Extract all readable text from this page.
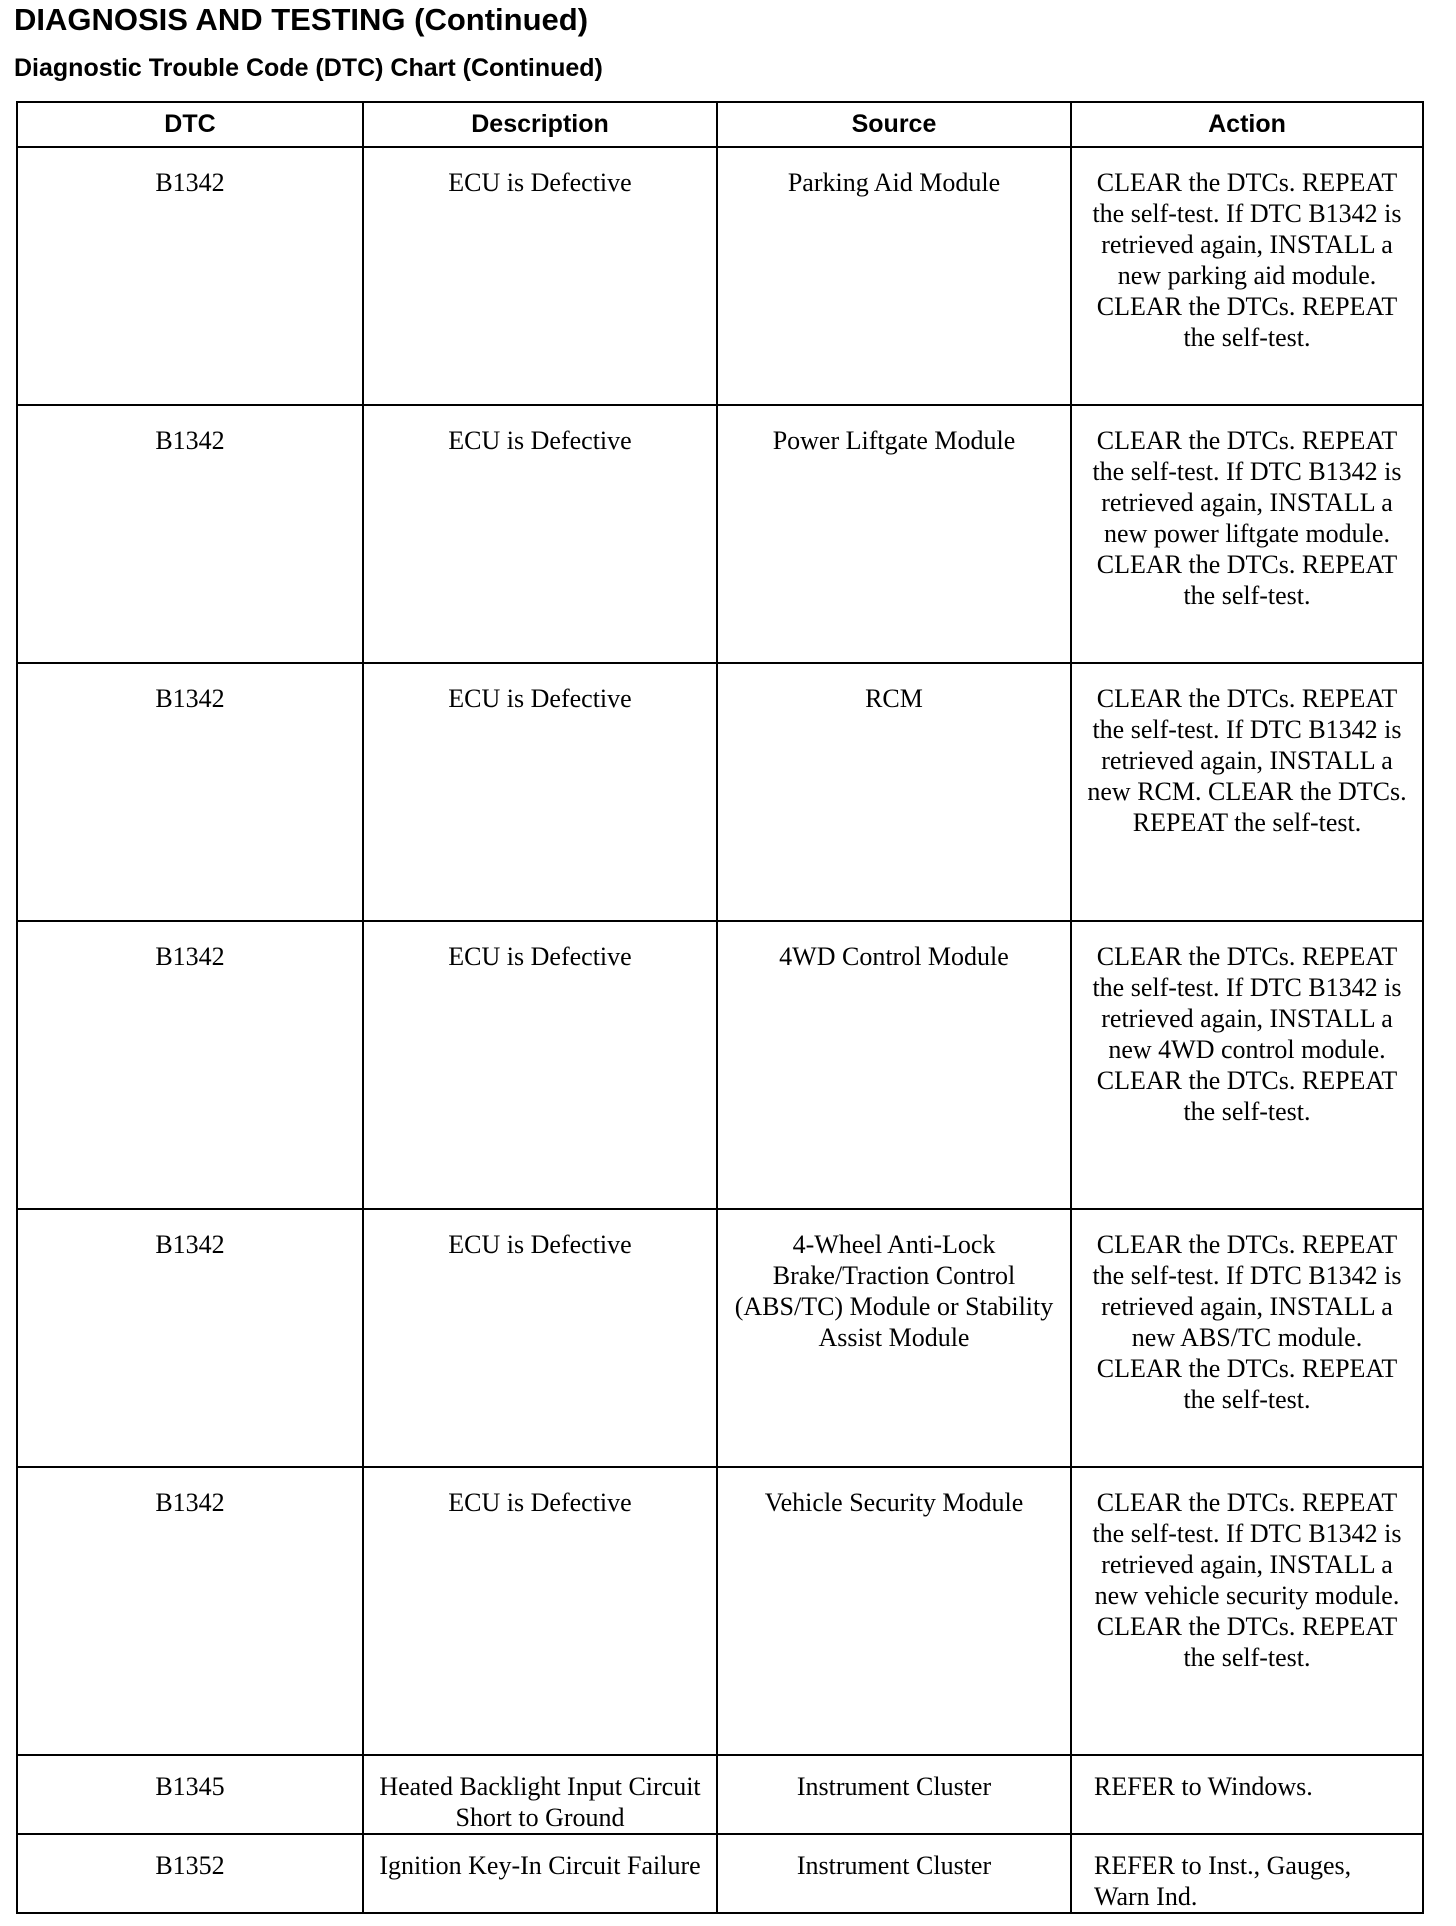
DIAGNOSIS AND TESTING (Continued)
Diagnostic Trouble Code (DTC) Chart (Continued)
DTC	Description	Source	Action
B1342	ECU is Defective	Parking Aid Module	CLEAR the DTCs. REPEAT the self-test. If DTC B1342 is retrieved again, INSTALL a new parking aid module. CLEAR the DTCs. REPEAT the self-test.
B1342	ECU is Defective	Power Liftgate Module	CLEAR the DTCs. REPEAT the self-test. If DTC B1342 is retrieved again, INSTALL a new power liftgate module. CLEAR the DTCs. REPEAT the self-test.
B1342	ECU is Defective	RCM	CLEAR the DTCs. REPEAT the self-test. If DTC B1342 is retrieved again, INSTALL a new RCM. CLEAR the DTCs. REPEAT the self-test.
B1342	ECU is Defective	4WD Control Module	CLEAR the DTCs. REPEAT the self-test. If DTC B1342 is retrieved again, INSTALL a new 4WD control module. CLEAR the DTCs. REPEAT the self-test.
B1342	ECU is Defective	4-Wheel Anti-Lock Brake/Traction Control (ABS/TC) Module or Stability Assist Module	CLEAR the DTCs. REPEAT the self-test. If DTC B1342 is retrieved again, INSTALL a new ABS/TC module. CLEAR the DTCs. REPEAT the self-test.
B1342	ECU is Defective	Vehicle Security Module	CLEAR the DTCs. REPEAT the self-test. If DTC B1342 is retrieved again, INSTALL a new vehicle security module. CLEAR the DTCs. REPEAT the self-test.
B1345	Heated Backlight Input Circuit Short to Ground	Instrument Cluster	REFER to Windows.
B1352	Ignition Key-In Circuit Failure	Instrument Cluster	REFER to Inst., Gauges, Warn Ind.
